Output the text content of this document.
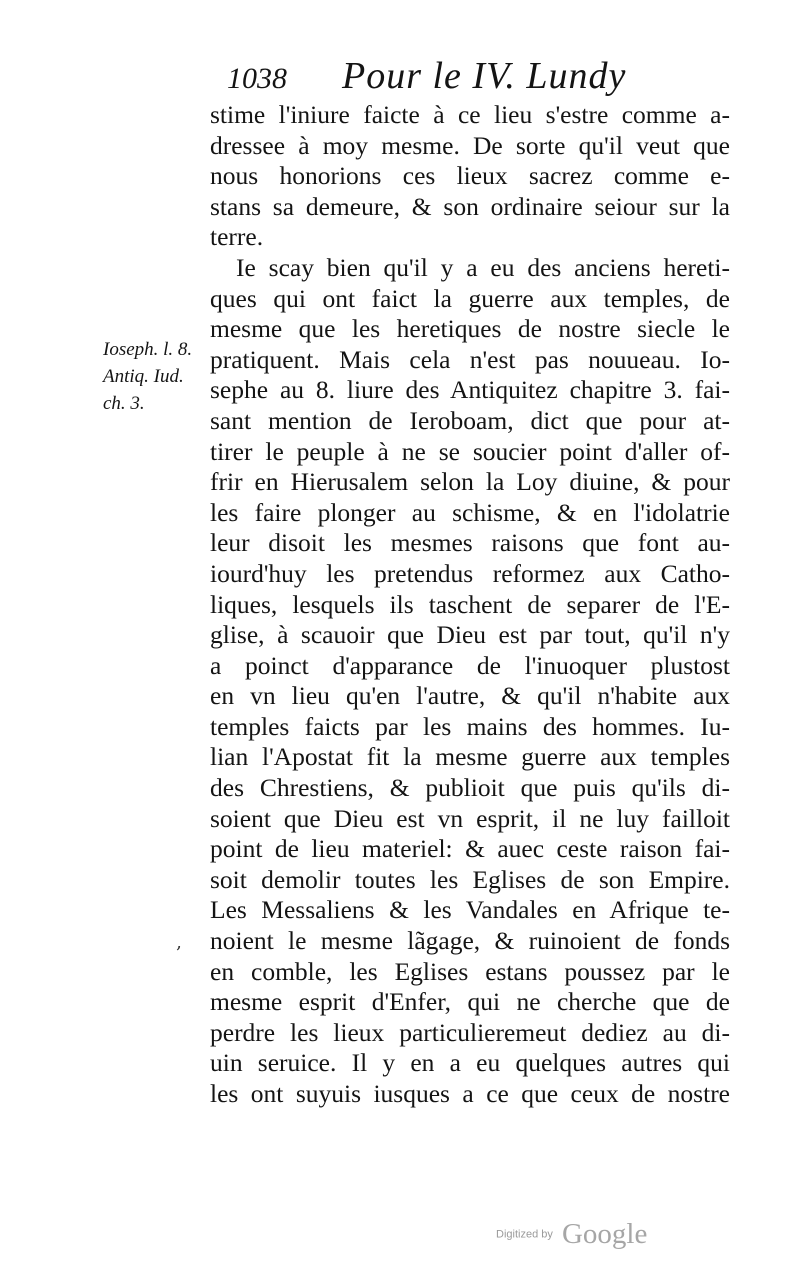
1038 Pour le IV. Lundy
Ioseph. l. 8.
Antiq. Iud.
ch. 3.
stime l'iniure faicte à ce lieu s'estre comme a-
dressee à moy mesme. De sorte qu'il veut que
nous honorions ces lieux sacrez comme e-
stans sa demeure, & son ordinaire seiour sur la
terre.
Ie scay bien qu'il y a eu des anciens hereti-
ques qui ont faict la guerre aux temples, de
mesme que les heretiques de nostre siecle le
pratiquent. Mais cela n'est pas nouueau. Io-
sephe au 8. liure des Antiquitez chapitre 3. fai-
sant mention de Ieroboam, dict que pour at-
tirer le peuple à ne se soucier point d'aller of-
frir en Hierusalem selon la Loy diuine, & pour
les faire plonger au schisme, & en l'idolatrie
leur disoit les mesmes raisons que font au-
iourd'huy les pretendus reformez aux Catho-
liques, lesquels ils taschent de separer de l'E-
glise, à scauoir que Dieu est par tout, qu'il n'y
a poinct d'apparance de l'inuoquer plustost
en vn lieu qu'en l'autre, & qu'il n'habite aux
temples faicts par les mains des hommes. Iu-
lian l'Apostat fit la mesme guerre aux temples
des Chrestiens, & publioit que puis qu'ils di-
soient que Dieu est vn esprit, il ne luy failloit
point de lieu materiel: & auec ceste raison fai-
soit demolir toutes les Eglises de son Empire.
Les Messaliens & les Vandales en Afrique te-
noient le mesme lãgage, & ruinoient de fonds
en comble, les Eglises estans poussez par le
mesme esprit d'Enfer, qui ne cherche que de
perdre les lieux particulieremeut dediez au di-
uin seruice. Il y en a eu quelques autres qui
les ont suyuis iusques a ce que ceux de nostre
‚
Digitized by Google
